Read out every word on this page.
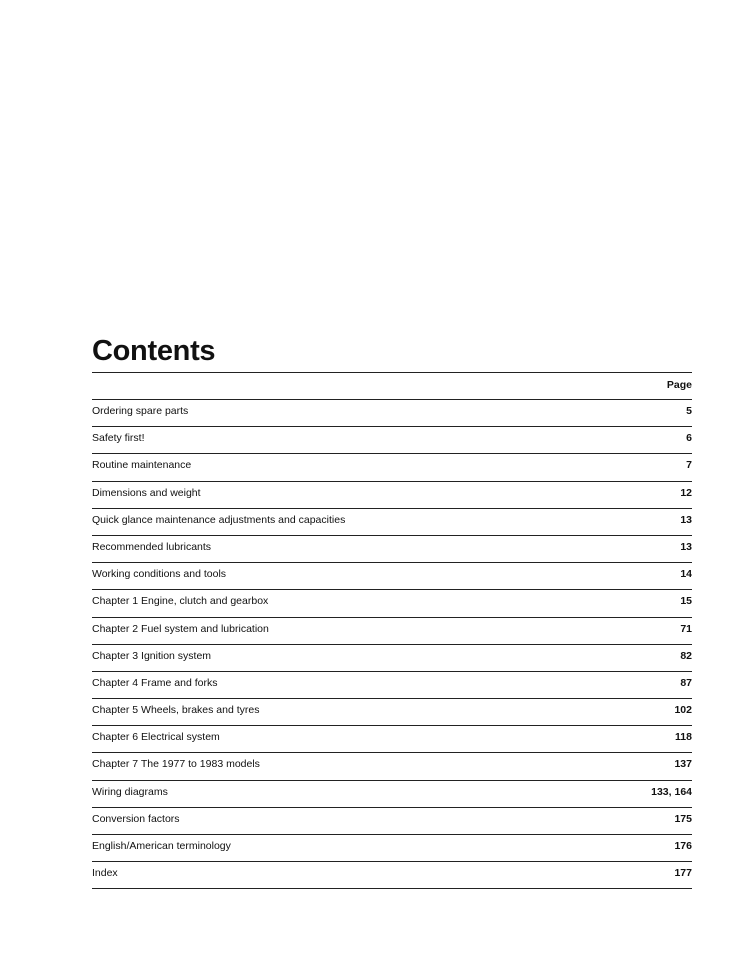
Contents
Page
Ordering spare parts	5
Safety first!	6
Routine maintenance	7
Dimensions and weight	12
Quick glance maintenance adjustments and capacities	13
Recommended lubricants	13
Working conditions and tools	14
Chapter 1 Engine, clutch and gearbox	15
Chapter 2 Fuel system and lubrication	71
Chapter 3 Ignition system	82
Chapter 4 Frame and forks	87
Chapter 5 Wheels, brakes and tyres	102
Chapter 6 Electrical system	118
Chapter 7 The 1977 to 1983 models	137
Wiring diagrams	133, 164
Conversion factors	175
English/American terminology	176
Index	177
